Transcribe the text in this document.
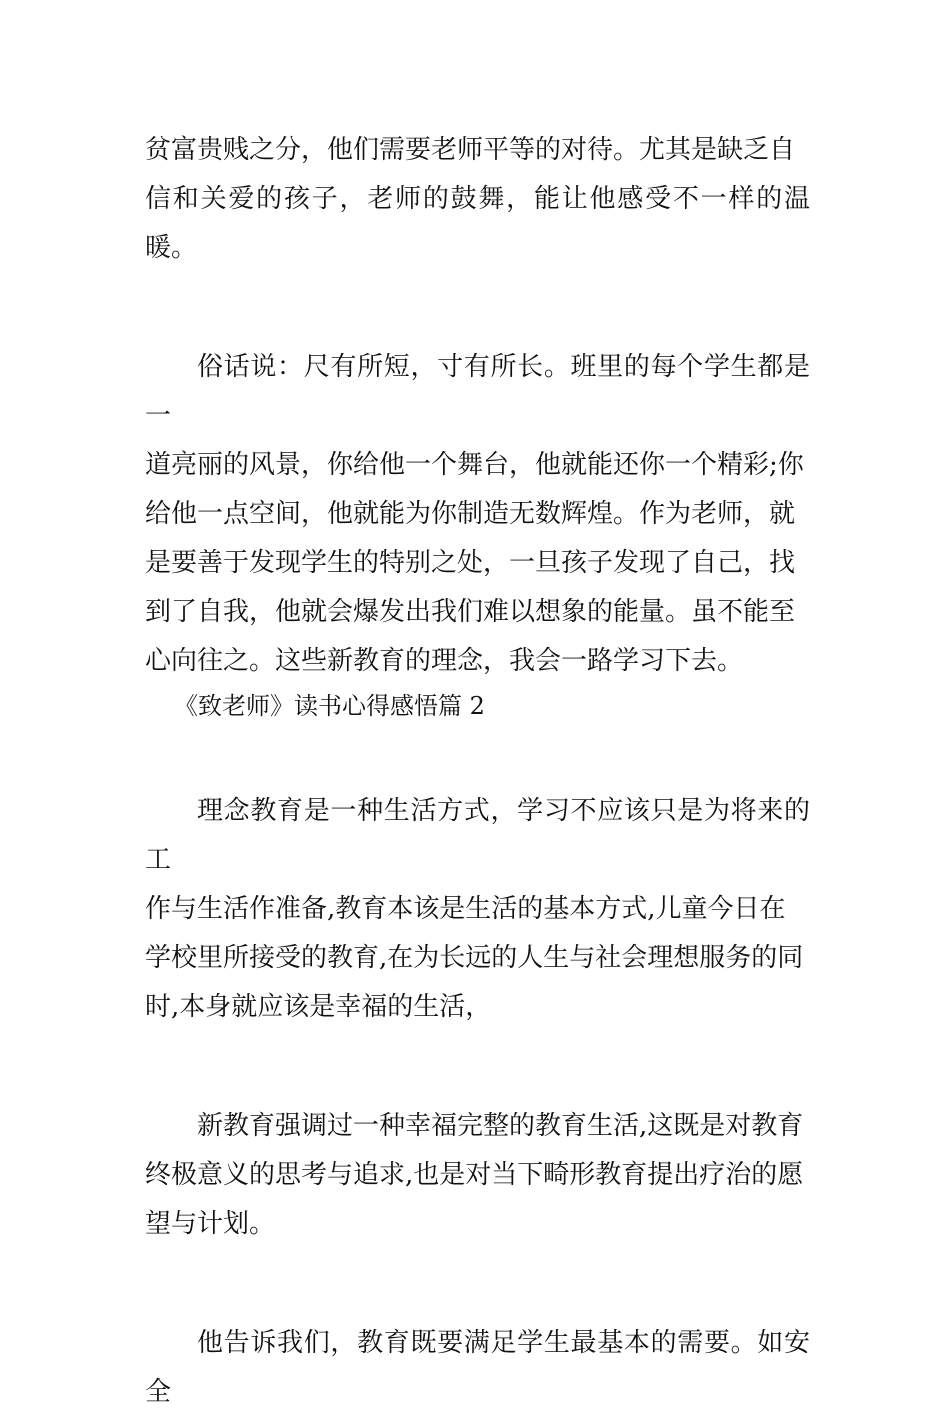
贫富贵贱之分，他们需要老师平等的对待。尤其是缺乏自
信和关爱的孩子，老师的鼓舞，能让他感受不一样的温暖。

俗话说：尺有所短，寸有所长。班里的每个学生都是一
道亮丽的风景，你给他一个舞台，他就能还你一个精彩;你
给他一点空间，他就能为你制造无数辉煌。作为老师，就
是要善于发现学生的特别之处，一旦孩子发现了自己，找
到了自我，他就会爆发出我们难以想象的能量。虽不能至
心向往之。这些新教育的理念，我会一路学习下去。

《致老师》读书心得感悟篇 2

理念教育是一种生活方式，学习不应该只是为将来的工
作与生活作准备,教育本该是生活的基本方式,儿童今日在
学校里所接受的教育,在为长远的人生与社会理想服务的同
时,本身就应该是幸福的生活，

新教育强调过一种幸福完整的教育生活,这既是对教育
终极意义的思考与追求,也是对当下畸形教育提出疗治的愿
望与计划。

他告诉我们，教育既要满足学生最基本的需要。如安全
